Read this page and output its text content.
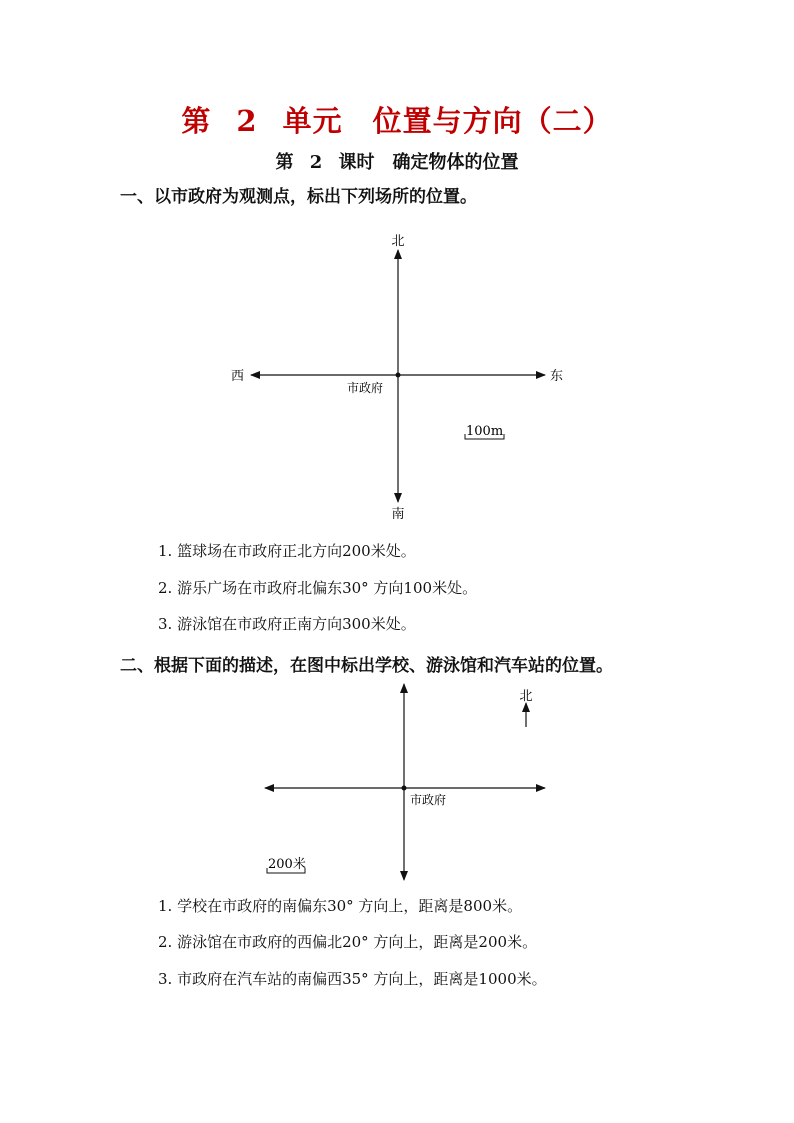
第 2 单元　位置与方向（二）
第 2 课时　确定物体的位置
一、以市政府为观测点，标出下列场所的位置。
北
南
东
西
市政府
100m
市政府
北
200米
1. 篮球场在市政府正北方向200米处。
2. 游乐广场在市政府北偏东30° 方向100米处。
3. 游泳馆在市政府正南方向300米处。
二、根据下面的描述，在图中标出学校、游泳馆和汽车站的位置。
1. 学校在市政府的南偏东30° 方向上，距离是800米。
2. 游泳馆在市政府的西偏北20° 方向上，距离是200米。
3. 市政府在汽车站的南偏西35° 方向上，距离是1000米。
